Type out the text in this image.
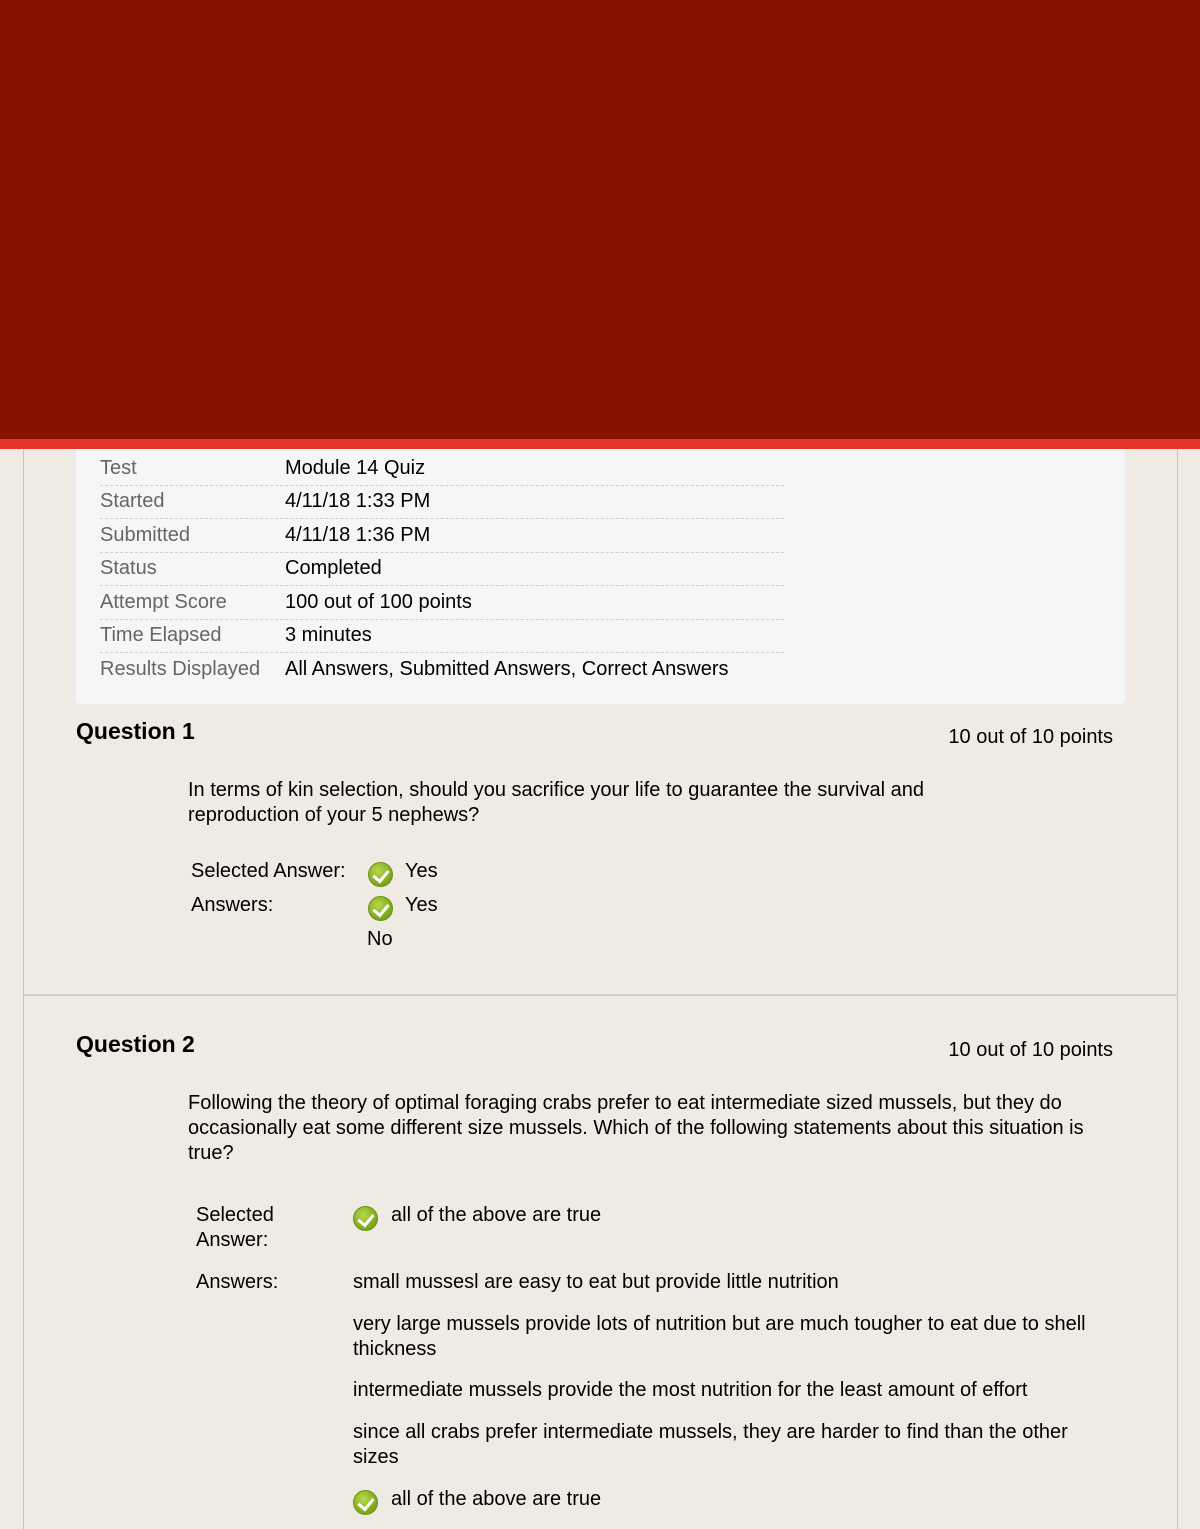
Test	Module 14 Quiz
Started	4/11/18 1:33 PM
Submitted	4/11/18 1:36 PM
Status	Completed
Attempt Score	100 out of 100 points
Time Elapsed	3 minutes
Results Displayed	All Answers, Submitted Answers, Correct Answers
Question 1	10 out of 10 points
In terms of kin selection, should you sacrifice your life to guarantee the survival and reproduction of your 5 nephews?
Selected Answer:	Yes
Answers:	Yes
No
Question 2	10 out of 10 points
Following the theory of optimal foraging crabs prefer to eat intermediate sized mussels, but they do occasionally eat some different size mussels. Which of the following statements about this situation is true?
Selected
Answer:
all of the above are true
Answers:	small mussesl are easy to eat but provide little nutrition
very large mussels provide lots of nutrition but are much tougher to eat due to shell thickness
intermediate mussels provide the most nutrition for the least amount of effort
since all crabs prefer intermediate mussels, they are harder to find than the other sizes
all of the above are true
